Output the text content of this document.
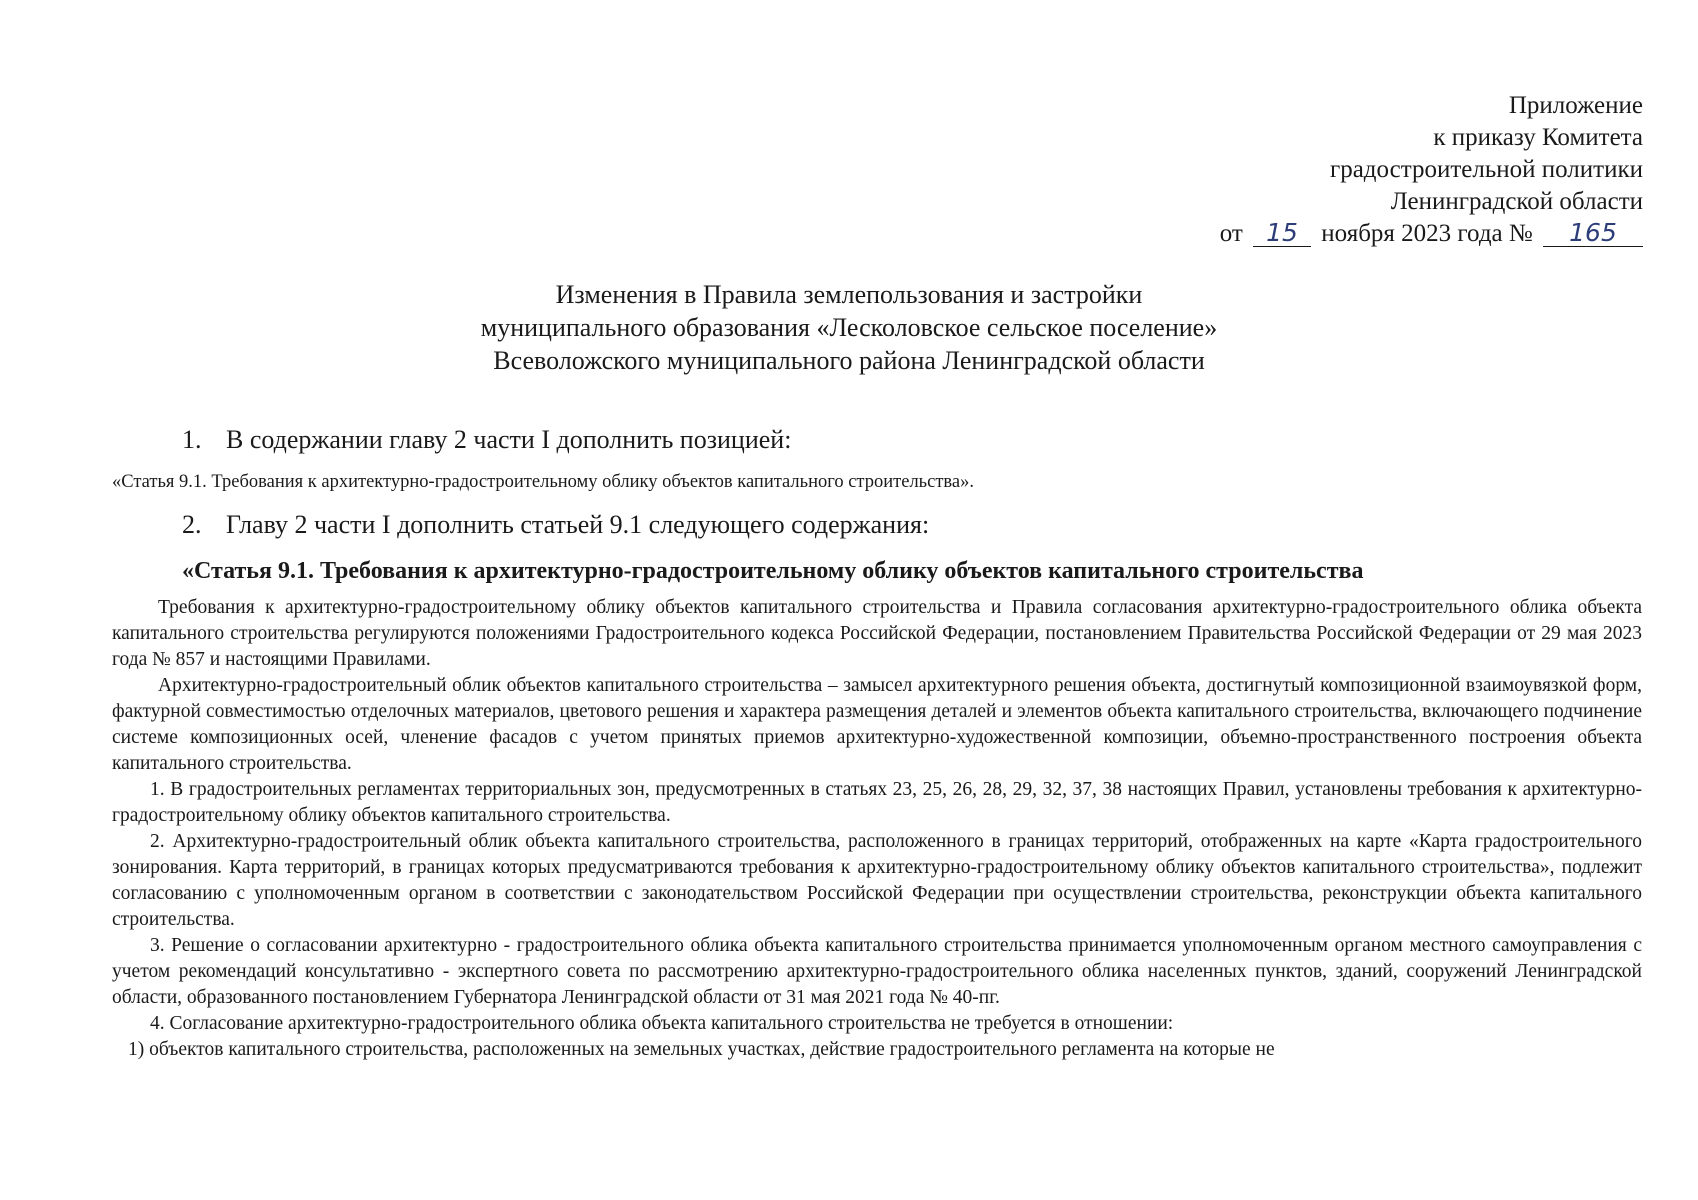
Приложение
к приказу Комитета
градостроительной политики
Ленинградской области
от 15 ноября 2023 года № 165
Изменения в Правила землепользования и застройки
муниципального образования «Лесколовское сельское поселение»
Всеволожского муниципального района Ленинградской области
1. В содержании главу 2 части I дополнить позицией:
«Статья 9.1. Требования к архитектурно-градостроительному облику объектов капитального строительства».
2. Главу 2 части I дополнить статьей 9.1 следующего содержания:
«Статья 9.1. Требования к архитектурно-градостроительному облику объектов капитального строительства

Требования к архитектурно-градостроительному облику объектов капитального строительства и Правила согласования архитектурно-градостроительного облика объекта капитального строительства регулируются положениями Градостроительного кодекса Российской Федерации, постановлением Правительства Российской Федерации от 29 мая 2023 года № 857 и настоящими Правилами.

Архитектурно-градостроительный облик объектов капитального строительства – замысел архитектурного решения объекта, достигнутый композиционной взаимоувязкой форм, фактурной совместимостью отделочных материалов, цветового решения и характера размещения деталей и элементов объекта капитального строительства, включающего подчинение системе композиционных осей, членение фасадов с учетом принятых приемов архитектурно-художественной композиции, объемно-пространственного построения объекта капитального строительства.

1. В градостроительных регламентах территориальных зон, предусмотренных в статьях 23, 25, 26, 28, 29, 32, 37, 38 настоящих Правил, установлены требования к архитектурно-градостроительному облику объектов капитального строительства.

2. Архитектурно-градостроительный облик объекта капитального строительства, расположенного в границах территорий, отображенных на карте «Карта градостроительного зонирования. Карта территорий, в границах которых предусматриваются требования к архитектурно-градостроительному облику объектов капитального строительства», подлежит согласованию с уполномоченным органом в соответствии с законодательством Российской Федерации при осуществлении строительства, реконструкции объекта капитального строительства.

3. Решение о согласовании архитектурно - градостроительного облика объекта капитального строительства принимается уполномоченным органом местного самоуправления с учетом рекомендаций консультативно - экспертного совета по рассмотрению архитектурно-градостроительного облика населенных пунктов, зданий, сооружений Ленинградской области, образованного постановлением Губернатора Ленинградской области от 31 мая 2021 года № 40-пг.

4. Согласование архитектурно-градостроительного облика объекта капитального строительства не требуется в отношении:

1) объектов капитального строительства, расположенных на земельных участках, действие градостроительного регламента на которые не
